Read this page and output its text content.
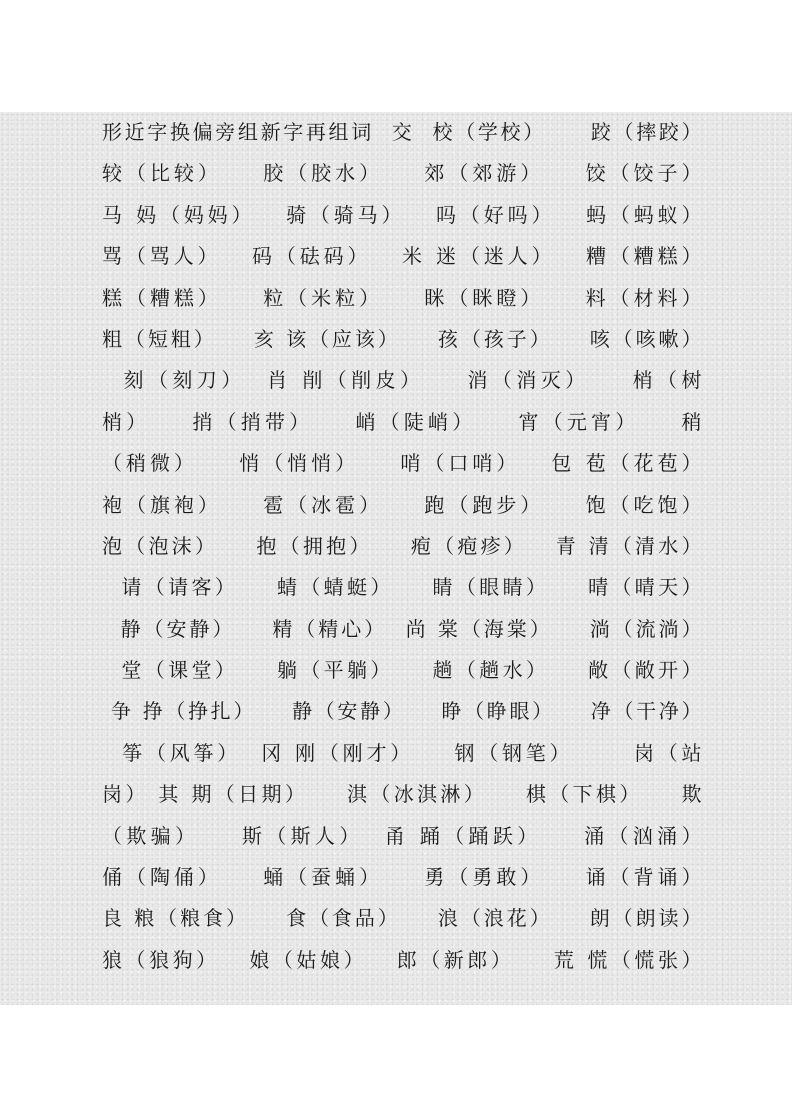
形近字换偏旁组新字再组词  交  校（学校）     跤（摔跤）
较（比较）    胶（胶水）    郊（郊游）    饺（饺子）
马 妈（妈妈）   骑（骑马）   吗（好吗）   蚂（蚂蚁）
骂（骂人）   码（砝码）   米 迷（迷人）   糟（糟糕）
糕（糟糕）    粒（米粒）    眯（眯瞪）    料（材料）
粗（短粗）    亥 该（应该）    孩（孩子）    咳（咳嗽）
刻（刻刀）  肖 削（削皮）    消（消灭）    梢（树
梢）    捎（捎带）    峭（陡峭）    宵（元宵）    稍
（稍微）    悄（悄悄）    哨（口哨）   包 苞（花苞）
袍（旗袍）    雹（冰雹）    跑（跑步）    饱（吃饱）
泡（泡沫）    抱（拥抱）    疱（疱疹）   青 清（清水）
请（请客）    蜻（蜻蜓）    睛（眼睛）    晴（晴天）
静（安静）    精（精心）  尚 棠（海棠）    淌（流淌）
堂（课堂）    躺（平躺）    趟（趟水）    敞（敞开）
争 挣（挣扎）    静（安静）    睁（睁眼）    净（干净）
筝（风筝）  冈 刚（刚才）    钢（钢笔）      岗（站
岗） 其 期（日期）    淇（冰淇淋）    棋（下棋）    欺
（欺骗）    斯（斯人）  甬 踊（踊跃）    涌（汹涌）
俑（陶俑）    蛹（蚕蛹）    勇（勇敢）    诵（背诵）
良 粮（粮食）    食（食品）    浪（浪花）    朗（朗读）
狼（狼狗）   娘（姑娘）   郎（新郎）    荒 慌（慌张）
